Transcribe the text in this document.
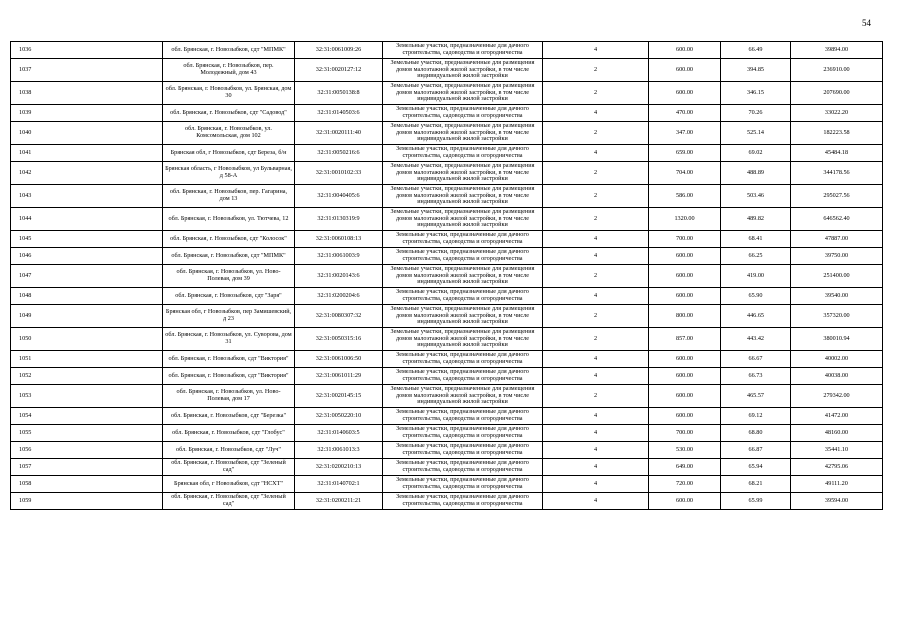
54
1036	обл. Брянская, г. Новозыбков, сдт "МПМК"	32:31:0061009:26	Земельные участки, предназначенные для дачного строительства, садоводства и огородничества	4	600.00	66.49	39894.00
1037	обл. Брянская, г. Новозыбков, пер. Молодежный, дом 43	32:31:0020127:12	Земельные участки, предназначенные для размещения домов малоэтажной жилой застройки, в том числе индивидуальной жилой застройки	2	600.00	394.85	236910.00
1038	обл. Брянская, г. Новозыбков, ул. Брянская, дом 30	32:31:0050138:8	Земельные участки, предназначенные для размещения домов малоэтажной жилой застройки, в том числе индивидуальной жилой застройки	2	600.00	346.15	207690.00
1039	обл. Брянская, г. Новозыбков, сдт "Садовод"	32:31:0140503:6	Земельные участки, предназначенные для дачного строительства, садоводства и огородничества	4	470.00	70.26	33022.20
1040	обл. Брянская, г. Новозыбков, ул. Комсомольская, дом 102	32:31:0020111:40	Земельные участки, предназначенные для размещения домов малоэтажной жилой застройки, в том числе индивидуальной жилой застройки	2	347.00	525.14	182223.58
1041	Брянская обл, г Новозыбков, сдт Береза, б/н	32:31:0050216:6	Земельные участки, предназначенные для дачного строительства, садоводства и огородничества	4	659.00	69.02	45484.18
1042	Брянская область, г Новозыбков, ул Бульварная, д 58-А	32:31:0010102:33	Земельные участки, предназначенные для размещения домов малоэтажной жилой застройки, в том числе индивидуальной жилой застройки	2	704.00	488.89	344178.56
1043	обл. Брянская, г. Новозыбков, пер. Гагарина, дом 13	32:31:0040405:6	Земельные участки, предназначенные для размещения домов малоэтажной жилой застройки, в том числе индивидуальной жилой застройки	2	586.00	503.46	295027.56
1044	обл. Брянская, г. Новозыбков, ул. Тютчева, 12	32:31:0130319:9	Земельные участки, предназначенные для размещения домов малоэтажной жилой застройки, в том числе индивидуальной жилой застройки	2	1320.00	489.82	646562.40
1045	обл. Брянская, г. Новозыбков, сдт "Колосок"	32:31:0060108:13	Земельные участки, предназначенные для дачного строительства, садоводства и огородничества	4	700.00	68.41	47887.00
1046	обл. Брянская, г. Новозыбков, сдт "МПМК"	32:31:0061003:9	Земельные участки, предназначенные для дачного строительства, садоводства и огородничества	4	600.00	66.25	39750.00
1047	обл. Брянская, г. Новозыбков, ул. Ново-Полевая, дом 39	32:31:0020143:6	Земельные участки, предназначенные для размещения домов малоэтажной жилой застройки, в том числе индивидуальной жилой застройки	2	600.00	419.00	251400.00
1048	обл. Брянская, г. Новозыбков, сдт "Заря"	32:31:0200204:6	Земельные участки, предназначенные для дачного строительства, садоводства и огородничества	4	600.00	65.90	39540.00
1049	Брянская обл, г Новозыбков, пер Замишевский, д 23	32:31:0080307:32	Земельные участки, предназначенные для размещения домов малоэтажной жилой застройки, в том числе индивидуальной жилой застройки	2	800.00	446.65	357320.00
1050	обл. Брянская, г. Новозыбков, ул. Суворова, дом 31	32:31:0050315:16	Земельные участки, предназначенные для размещения домов малоэтажной жилой застройки, в том числе индивидуальной жилой застройки	2	857.00	443.42	380010.94
1051	обл. Брянская, г. Новозыбков, сдт "Виктория"	32:31:0061006:50	Земельные участки, предназначенные для дачного строительства, садоводства и огородничества	4	600.00	66.67	40002.00
1052	обл. Брянская, г. Новозыбков, сдт "Виктория"	32:31:0061011:29	Земельные участки, предназначенные для дачного строительства, садоводства и огородничества	4	600.00	66.73	40038.00
1053	обл. Брянская, г. Новозыбков, ул. Ново-Полевая, дом 17	32:31:0020145:15	Земельные участки, предназначенные для размещения домов малоэтажной жилой застройки, в том числе индивидуальной жилой застройки	2	600.00	465.57	279342.00
1054	обл. Брянская, г. Новозыбков, сдт "Березка"	32:31:0050220:10	Земельные участки, предназначенные для дачного строительства, садоводства и огородничества	4	600.00	69.12	41472.00
1055	обл. Брянская, г. Новозыбков, сдт "Глобус"	32:31:0140603:5	Земельные участки, предназначенные для дачного строительства, садоводства и огородничества	4	700.00	68.80	48160.00
1056	обл. Брянская, г. Новозыбков, сдт "Луч"	32:31:0061013:3	Земельные участки, предназначенные для дачного строительства, садоводства и огородничества	4	530.00	66.87	35441.10
1057	обл. Брянская, г. Новозыбков, сдт "Зеленый сад"	32:31:0200210:13	Земельные участки, предназначенные для дачного строительства, садоводства и огородничества	4	649.00	65.94	42795.06
1058	Брянская обл, г Новозыбков, сдт "НСХТ"	32:31:0140702:1	Земельные участки, предназначенные для дачного строительства, садоводства и огородничества	4	720.00	68.21	49111.20
1059	обл. Брянская, г. Новозыбков, сдт "Зеленый сад"	32:31:0200211:21	Земельные участки, предназначенные для дачного строительства, садоводства и огородничества	4	600.00	65.99	39594.00
